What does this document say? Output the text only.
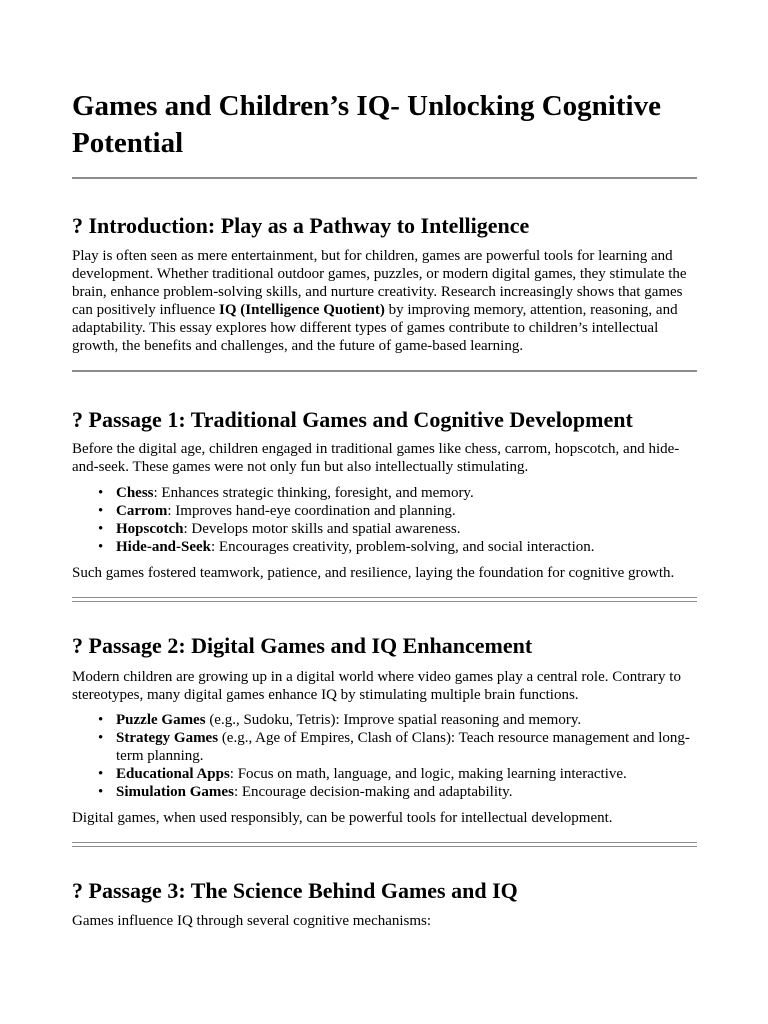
Games and Children’s IQ- Unlocking Cognitive Potential
? Introduction: Play as a Pathway to Intelligence

Play is often seen as mere entertainment, but for children, games are powerful tools for learning and development. Whether traditional outdoor games, puzzles, or modern digital games, they stimulate the brain, enhance problem-solving skills, and nurture creativity. Research increasingly shows that games can positively influence IQ (Intelligence Quotient) by improving memory, attention, reasoning, and adaptability. This essay explores how different types of games contribute to children’s intellectual growth, the benefits and challenges, and the future of game-based learning.

? Passage 1: Traditional Games and Cognitive Development

Before the digital age, children engaged in traditional games like chess, carrom, hopscotch, and hide-and-seek. These games were not only fun but also intellectually stimulating.

• Chess: Enhances strategic thinking, foresight, and memory.
• Carrom: Improves hand-eye coordination and planning.
• Hopscotch: Develops motor skills and spatial awareness.
• Hide-and-Seek: Encourages creativity, problem-solving, and social interaction.

Such games fostered teamwork, patience, and resilience, laying the foundation for cognitive growth.

? Passage 2: Digital Games and IQ Enhancement

Modern children are growing up in a digital world where video games play a central role. Contrary to stereotypes, many digital games enhance IQ by stimulating multiple brain functions.

• Puzzle Games (e.g., Sudoku, Tetris): Improve spatial reasoning and memory.
• Strategy Games (e.g., Age of Empires, Clash of Clans): Teach resource management and long-term planning.
• Educational Apps: Focus on math, language, and logic, making learning interactive.
• Simulation Games: Encourage decision-making and adaptability.

Digital games, when used responsibly, can be powerful tools for intellectual development.

? Passage 3: The Science Behind Games and IQ

Games influence IQ through several cognitive mechanisms:
